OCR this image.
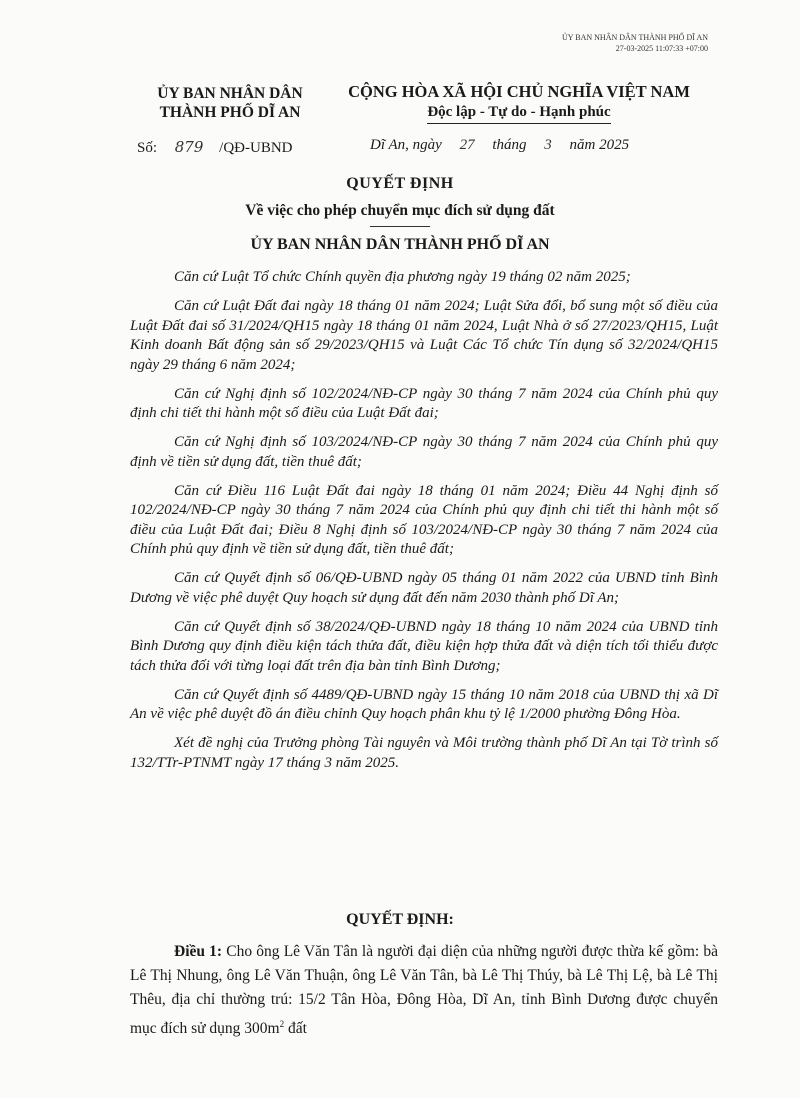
ỦY BAN NHÂN DÂN THÀNH PHỐ DĨ AN
27-03-2025 11:07:33 +07:00
ỦY BAN NHÂN DÂN
THÀNH PHỐ DĨ AN
CỘNG HÒA XÃ HỘI CHỦ NGHĨA VIỆT NAM
Độc lập - Tự do - Hạnh phúc
Số: 879 /QĐ-UBND	Dĩ An, ngày 27 tháng 3 năm 2025
QUYẾT ĐỊNH
Về việc cho phép chuyển mục đích sử dụng đất
ỦY BAN NHÂN DÂN THÀNH PHỐ DĨ AN

Căn cứ Luật Tổ chức Chính quyền địa phương ngày 19 tháng 02 năm 2025;

Căn cứ Luật Đất đai ngày 18 tháng 01 năm 2024; Luật Sửa đổi, bổ sung một số điều của Luật Đất đai số 31/2024/QH15 ngày 18 tháng 01 năm 2024, Luật Nhà ở số 27/2023/QH15, Luật Kinh doanh Bất động sản số 29/2023/QH15 và Luật Các Tổ chức Tín dụng số 32/2024/QH15 ngày 29 tháng 6 năm 2024;

Căn cứ Nghị định số 102/2024/NĐ-CP ngày 30 tháng 7 năm 2024 của Chính phủ quy định chi tiết thi hành một số điều của Luật Đất đai;

Căn cứ Nghị định số 103/2024/NĐ-CP ngày 30 tháng 7 năm 2024 của Chính phủ quy định về tiền sử dụng đất, tiền thuê đất;

Căn cứ Điều 116 Luật Đất đai ngày 18 tháng 01 năm 2024; Điều 44 Nghị định số 102/2024/NĐ-CP ngày 30 tháng 7 năm 2024 của Chính phủ quy định chi tiết thi hành một số điều của Luật Đất đai; Điều 8 Nghị định số 103/2024/NĐ-CP ngày 30 tháng 7 năm 2024 của Chính phủ quy định về tiền sử dụng đất, tiền thuê đất;

Căn cứ Quyết định số 06/QĐ-UBND ngày 05 tháng 01 năm 2022 của UBND tỉnh Bình Dương về việc phê duyệt Quy hoạch sử dụng đất đến năm 2030 thành phố Dĩ An;

Căn cứ Quyết định số 38/2024/QĐ-UBND ngày 18 tháng 10 năm 2024 của UBND tỉnh Bình Dương quy định điều kiện tách thửa đất, điều kiện hợp thửa đất và diện tích tối thiểu được tách thửa đối với từng loại đất trên địa bàn tỉnh Bình Dương;

Căn cứ Quyết định số 4489/QĐ-UBND ngày 15 tháng 10 năm 2018 của UBND thị xã Dĩ An về việc phê duyệt đồ án điều chỉnh Quy hoạch phân khu tỷ lệ 1/2000 phường Đông Hòa.

Xét đề nghị của Trưởng phòng Tài nguyên và Môi trường thành phố Dĩ An tại Tờ trình số 132/TTr-PTNMT ngày 17 tháng 3 năm 2025.

QUYẾT ĐỊNH:

Điều 1: Cho ông Lê Văn Tân là người đại diện của những người được thừa kế gồm: bà Lê Thị Nhung, ông Lê Văn Thuận, ông Lê Văn Tân, bà Lê Thị Thúy, bà Lê Thị Lệ, bà Lê Thị Thêu, địa chỉ thường trú: 15/2 Tân Hòa, Đông Hòa, Dĩ An, tỉnh Bình Dương được chuyển mục đích sử dụng $300m^2$ đất
